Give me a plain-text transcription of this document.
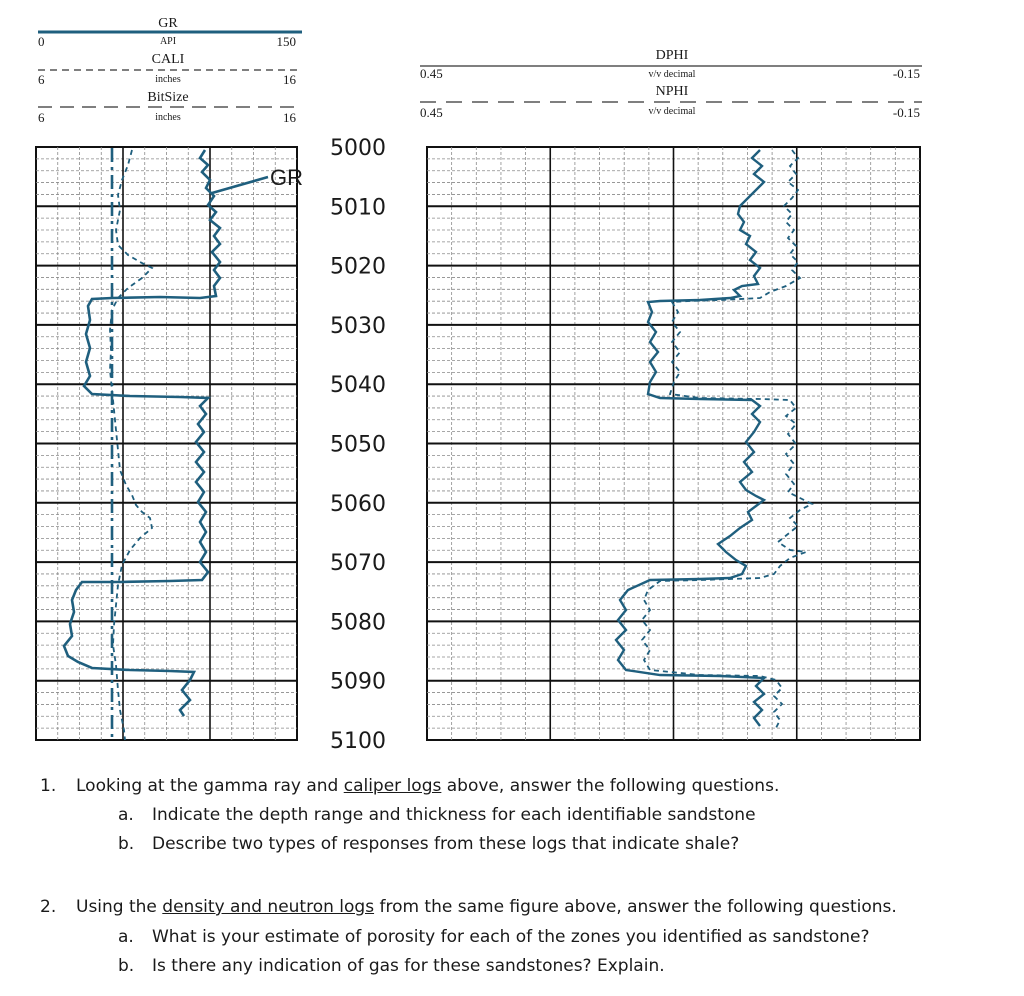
GR
0	API	150
CALI
6	inches	16
BitSize
6	inches	16
DPHI
0.45	v/v decimal	-0.15
NPHI
0.45	v/v decimal	-0.15
5000
5010
5020
5030
5040
5050
5060
5070
5080
5090
5100
GR
1. Looking at the gamma ray and caliper logs above, answer the following questions.
a. Indicate the depth range and thickness for each identifiable sandstone
b. Describe two types of responses from these logs that indicate shale?
2. Using the density and neutron logs from the same figure above, answer the following questions.
a. What is your estimate of porosity for each of the zones you identified as sandstone?
b. Is there any indication of gas for these sandstones? Explain.
